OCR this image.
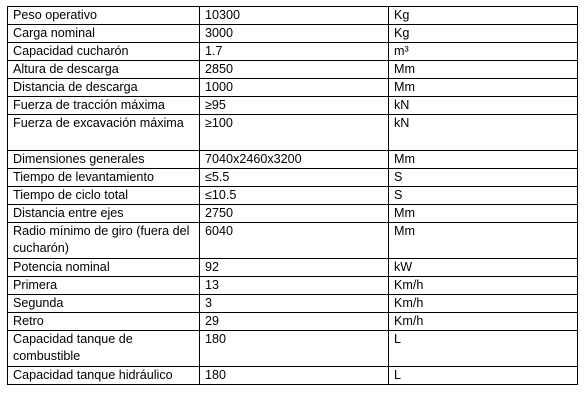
Peso operativo	10300	Kg
Carga nominal	3000	Kg
Capacidad cucharón	1.7	m³
Altura de descarga	2850	Mm
Distancia de descarga	1000	Mm
Fuerza de tracción máxima	≥95	kN
Fuerza de excavación máxima	≥100	kN
Dimensiones generales	7040x2460x3200	Mm
Tiempo de levantamiento	≤5.5	S
Tiempo de ciclo total	≤10.5	S
Distancia entre ejes	2750	Mm
Radio mínimo de giro (fuera del cucharón)	6040	Mm
Potencia nominal	92	kW
Primera	13	Km/h
Segunda	3	Km/h
Retro	29	Km/h
Capacidad tanque de combustible	180	L
Capacidad tanque hidráulico	180	L
